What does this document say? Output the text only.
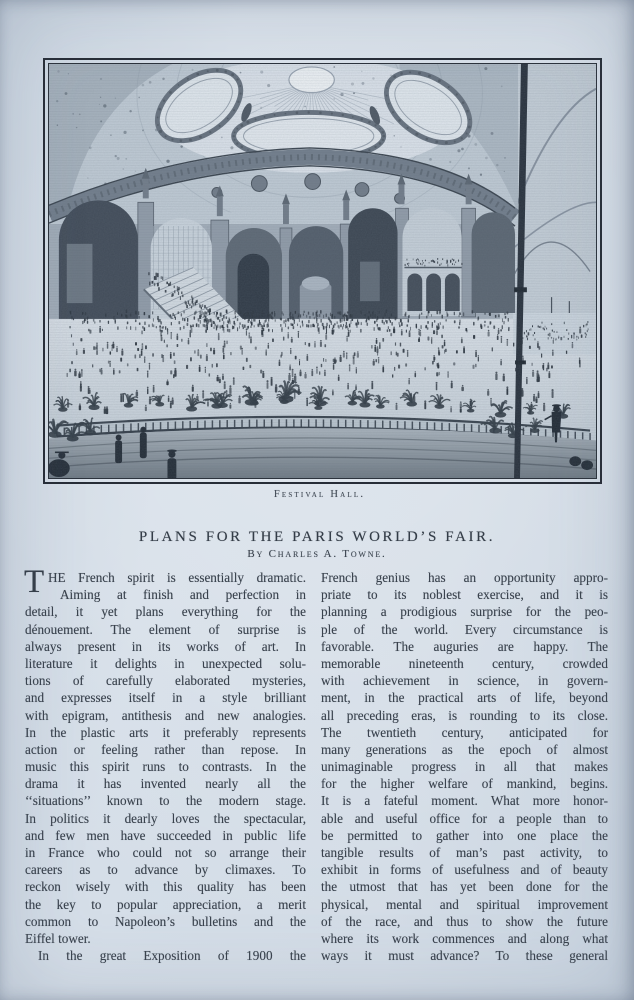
Festival Hall.
PLANS FOR THE PARIS WORLD’S FAIR.
By Charles A. Towne.
T HE French spirit is essentially dramatic.
Aiming at finish and perfection in
detail, it yet plans everything for the
dénouement. The element of surprise is
always present in its works of art. In
literature it delights in unexpected solu-
tions of carefully elaborated mysteries,
and expresses itself in a style brilliant
with epigram, antithesis and new analogies.
In the plastic arts it preferably represents
action or feeling rather than repose. In
music this spirit runs to contrasts. In the
drama it has invented nearly all the
‘‘situations’’ known to the modern stage.
In politics it dearly loves the spectacular,
and few men have succeeded in public life
in France who could not so arrange their
careers as to advance by climaxes. To
reckon wisely with this quality has been
the key to popular appreciation, a merit
common to Napoleon’s bulletins and the
Eiffel tower.
In the great Exposition of 1900 the
French genius has an opportunity appro-
priate to its noblest exercise, and it is
planning a prodigious surprise for the peo-
ple of the world. Every circumstance is
favorable. The auguries are happy. The
memorable nineteenth century, crowded
with achievement in science, in govern-
ment, in the practical arts of life, beyond
all preceding eras, is rounding to its close.
The twentieth century, anticipated for
many generations as the epoch of almost
unimaginable progress in all that makes
for the higher welfare of mankind, begins.
It is a fateful moment. What more honor-
able and useful office for a people than to
be permitted to gather into one place the
tangible results of man’s past activity, to
exhibit in forms of usefulness and of beauty
the utmost that has yet been done for the
physical, mental and spiritual improvement
of the race, and thus to show the future
where its work commences and along what
ways it must advance? To these general
